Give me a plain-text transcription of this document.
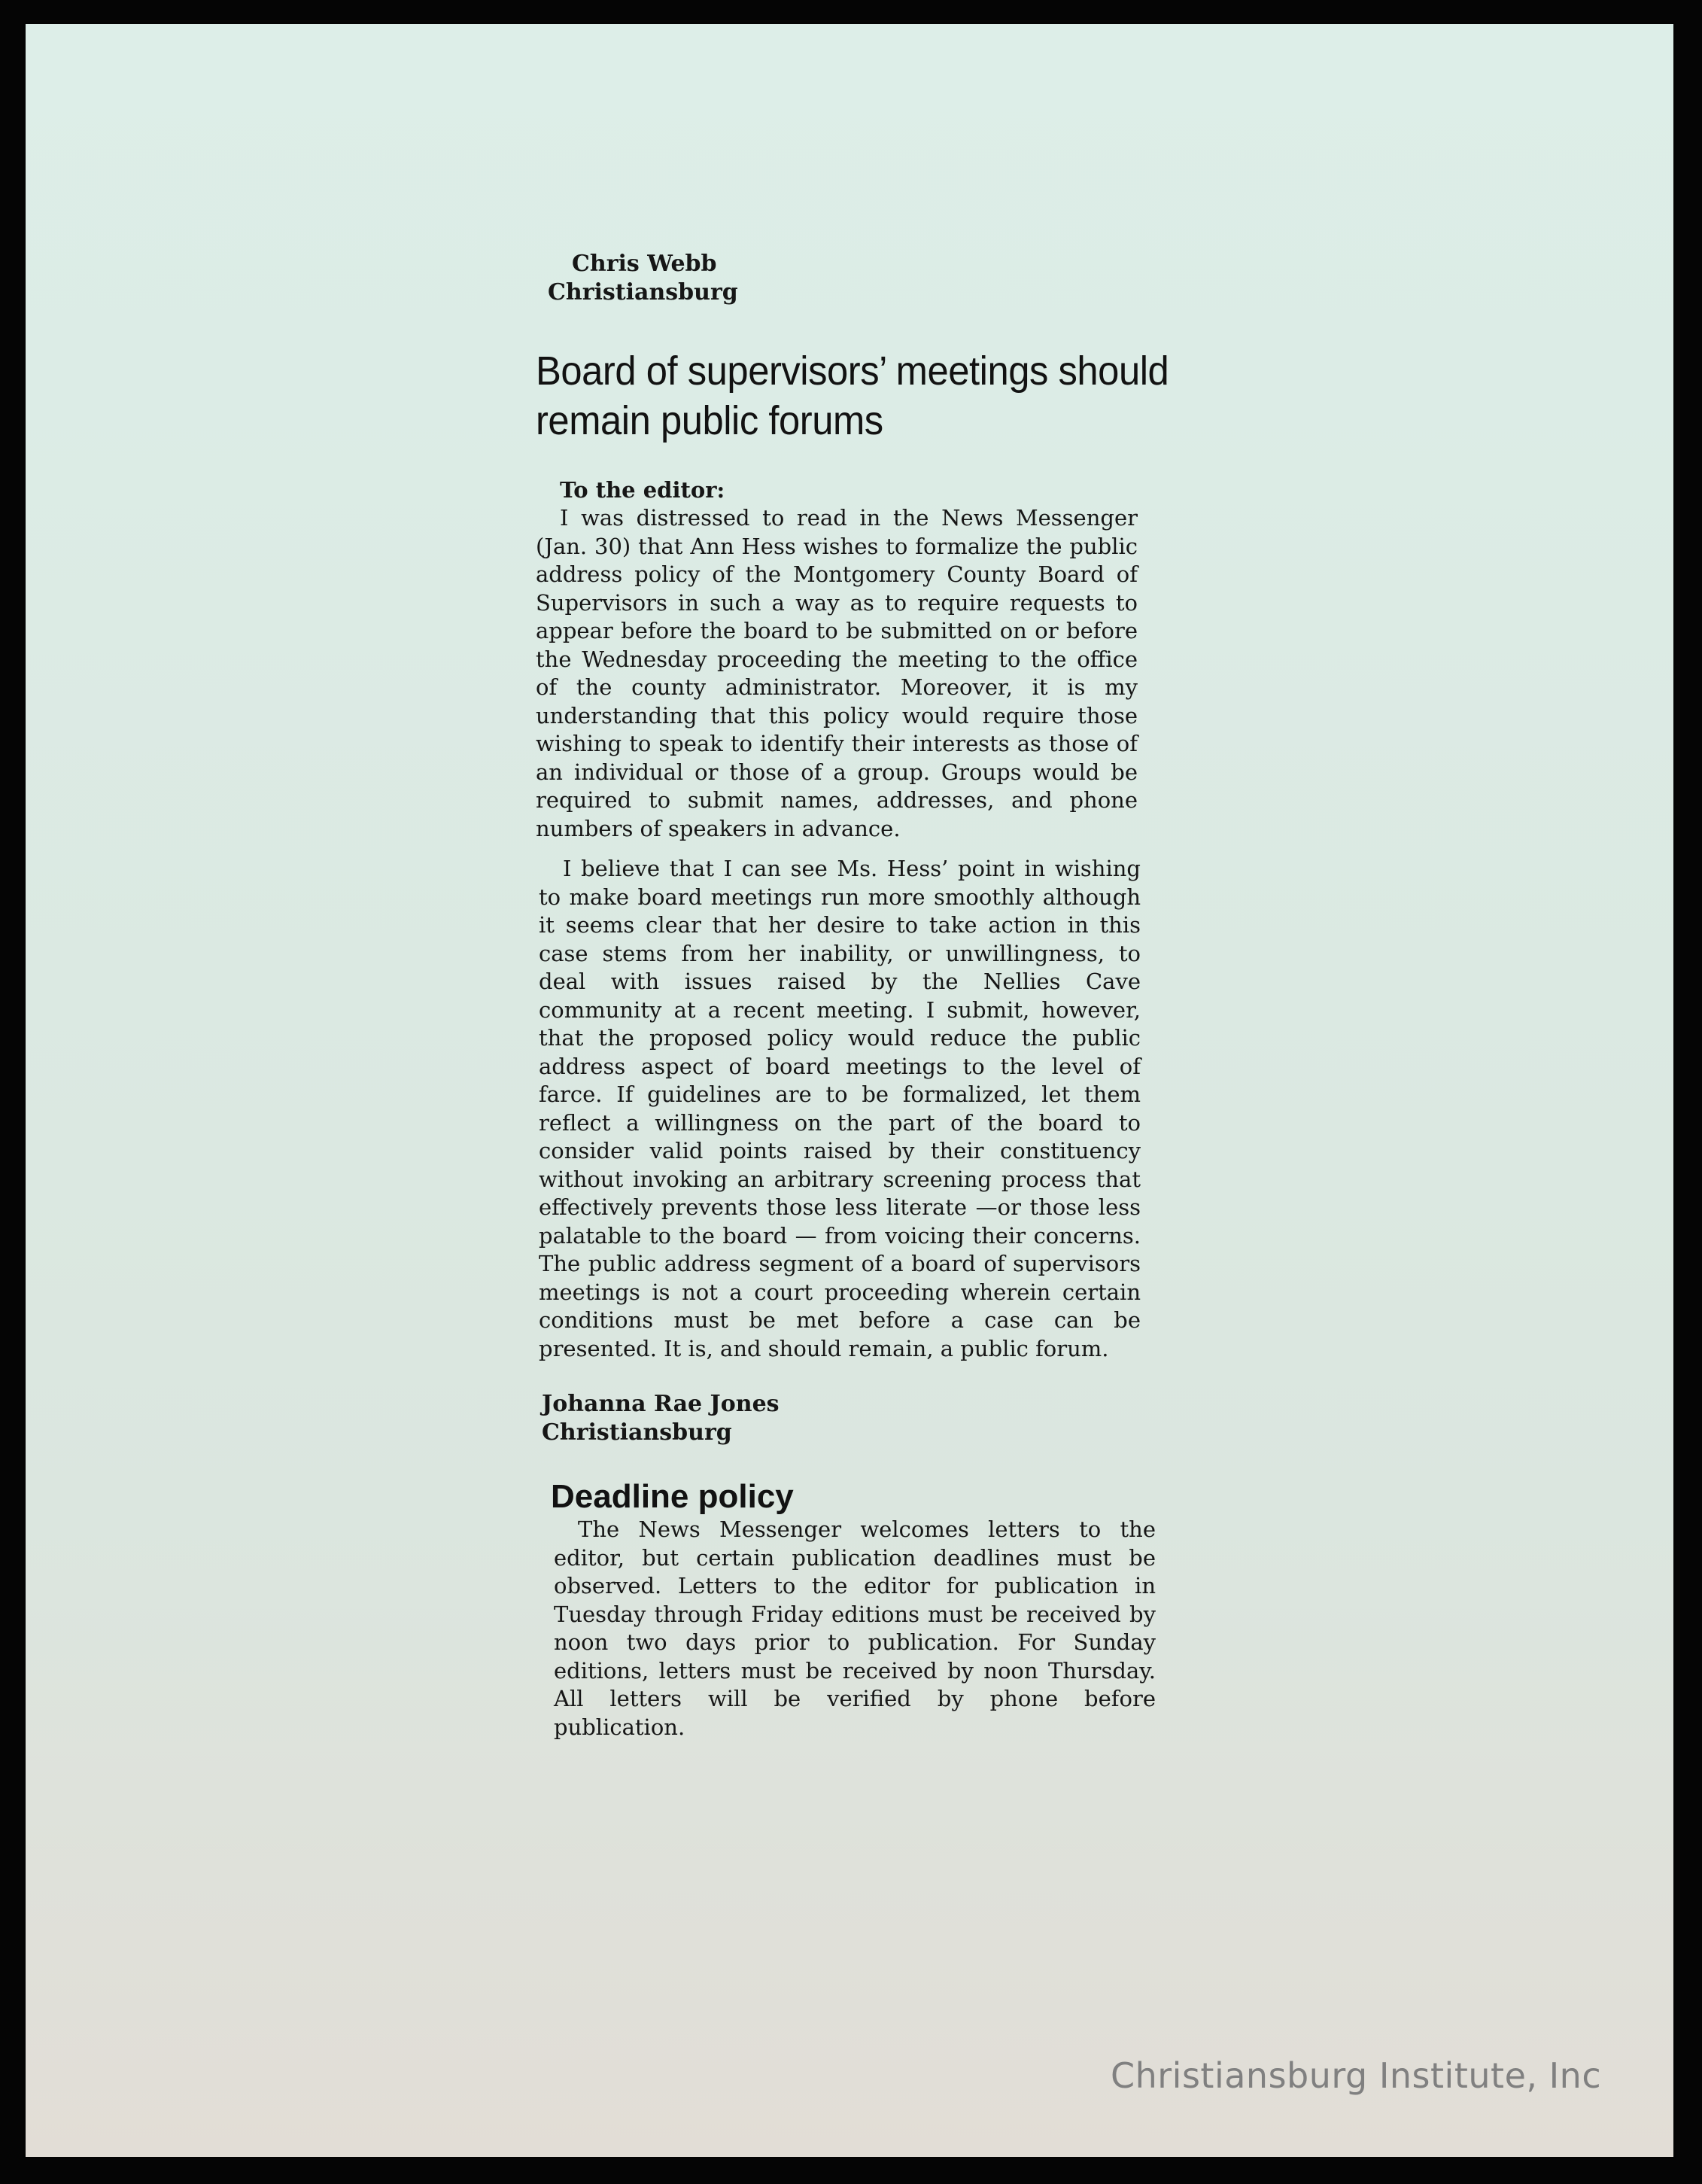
Chris Webb
Christiansburg
Board of supervisors’ meetings should remain public forums
To the editor:

I was distressed to read in the News Messenger (Jan. 30) that Ann Hess wishes to formalize the public address policy of the Montgomery County Board of Supervisors in such a way as to require requests to appear before the board to be submitted on or before the Wednesday proceeding the meeting to the office of the county administrator. Moreover, it is my understanding that this policy would require those wishing to speak to identify their interests as those of an individual or those of a group. Groups would be required to submit names, addresses, and phone numbers of speakers in advance.

I believe that I can see Ms. Hess’ point in wishing to make board meetings run more smoothly although it seems clear that her desire to take action in this case stems from her inability, or unwillingness, to deal with issues raised by the Nellies Cave community at a recent meeting. I submit, however, that the proposed policy would reduce the public address aspect of board meetings to the level of farce. If guidelines are to be formalized, let them reflect a willingness on the part of the board to consider valid points raised by their constituency without invoking an arbitrary screening process that effectively prevents those less literate —or those less palatable to the board — from voicing their concerns. The public address segment of a board of supervisors meetings is not a court proceeding wherein certain conditions must be met before a case can be presented. It is, and should remain, a public forum.

Johanna Rae Jones
Christiansburg
Deadline policy

The News Messenger welcomes letters to the editor, but certain publication deadlines must be observed. Letters to the editor for publication in Tuesday through Friday editions must be received by noon two days prior to publication. For Sunday editions, letters must be received by noon Thursday. All letters will be verified by phone before publication.

Christiansburg Institute, Inc
